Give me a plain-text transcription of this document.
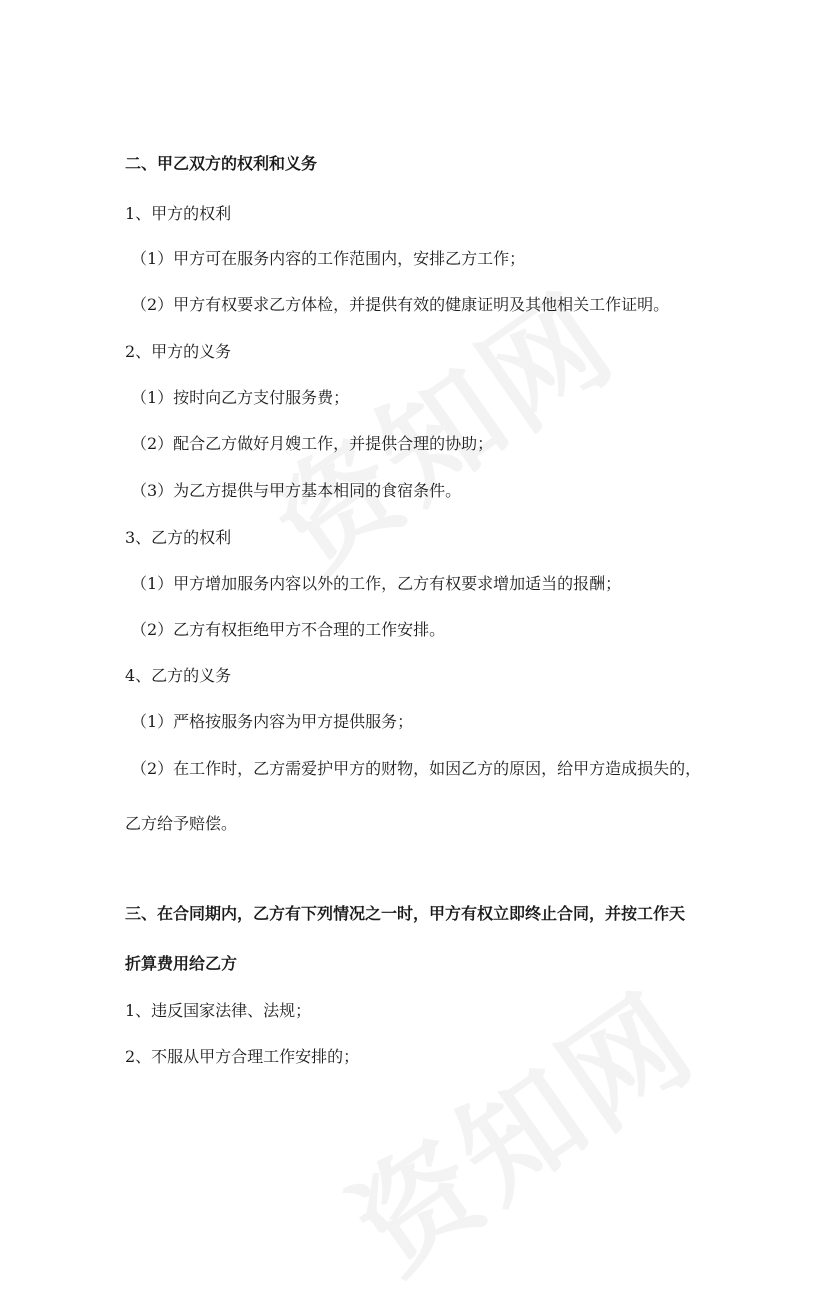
二、甲乙双方的权利和义务
1、甲方的权利
（1）甲方可在服务内容的工作范围内，安排乙方工作；
（2）甲方有权要求乙方体检，并提供有效的健康证明及其他相关工作证明。
2、甲方的义务
（1）按时向乙方支付服务费；
（2）配合乙方做好月嫂工作，并提供合理的协助；
（3）为乙方提供与甲方基本相同的食宿条件。
3、乙方的权利
（1）甲方增加服务内容以外的工作，乙方有权要求增加适当的报酬；
（2）乙方有权拒绝甲方不合理的工作安排。
4、乙方的义务
（1）严格按服务内容为甲方提供服务；
（2）在工作时，乙方需爱护甲方的财物，如因乙方的原因，给甲方造成损失的，
乙方给予赔偿。
三、在合同期内，乙方有下列情况之一时，甲方有权立即终止合同，并按工作天
折算费用给乙方
1、违反国家法律、法规；
2、不服从甲方合理工作安排的；
